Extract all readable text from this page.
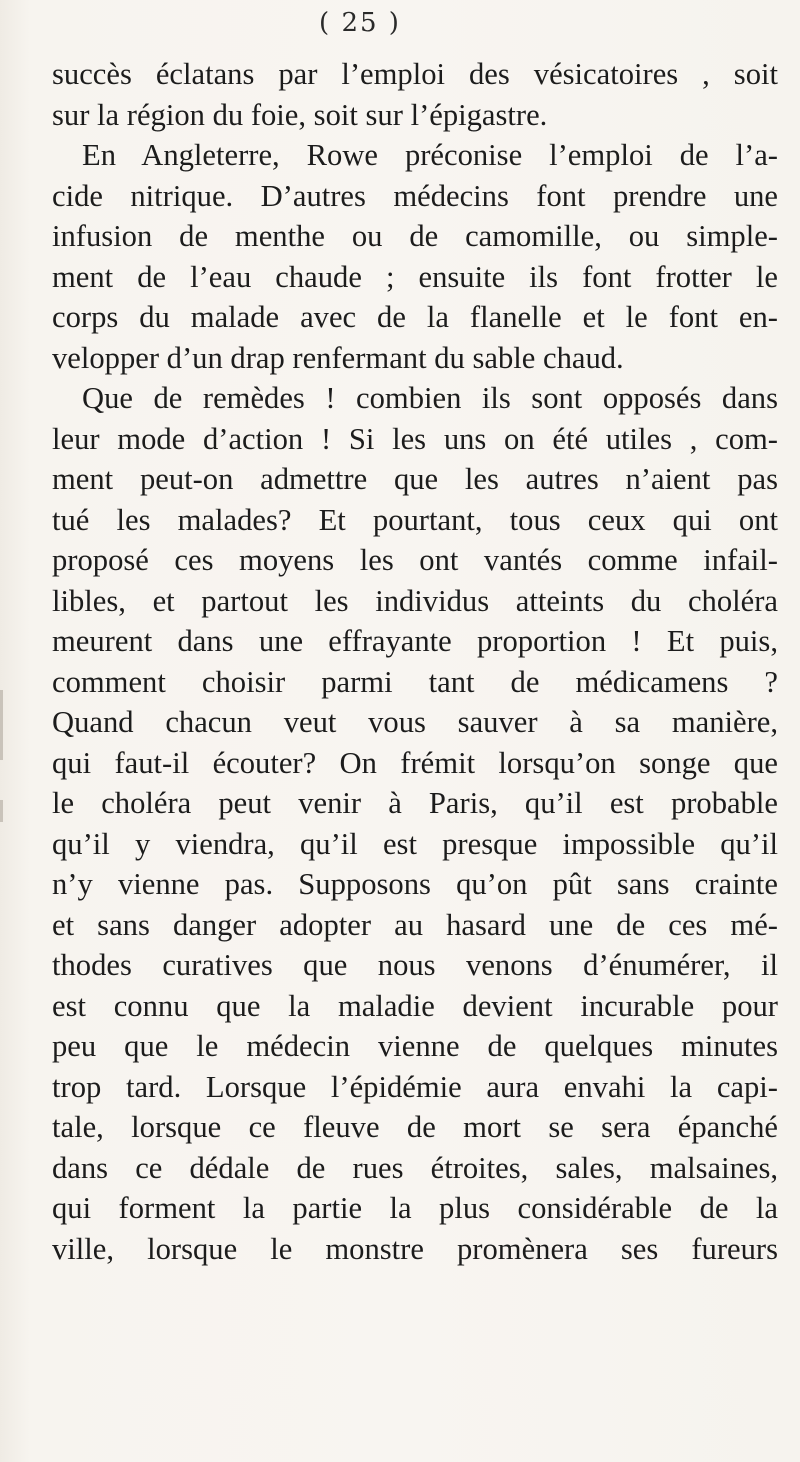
( 25 )
succès éclatans par l’emploi des vésicatoires , soit
sur la région du foie, soit sur l’épigastre.
En Angleterre, Rowe préconise l’emploi de l’a-
cide nitrique. D’autres médecins font prendre une
infusion de menthe ou de camomille, ou simple-
ment de l’eau chaude ; ensuite ils font frotter le
corps du malade avec de la flanelle et le font en-
velopper d’un drap renfermant du sable chaud.
Que de remèdes ! combien ils sont opposés dans
leur mode d’action ! Si les uns on été utiles , com-
ment peut-on admettre que les autres n’aient pas
tué les malades? Et pourtant, tous ceux qui ont
proposé ces moyens les ont vantés comme infail-
libles, et partout les individus atteints du choléra
meurent dans une effrayante proportion ! Et puis,
comment choisir parmi tant de médicamens ?
Quand chacun veut vous sauver à sa manière,
qui faut-il écouter? On frémit lorsqu’on songe que
le choléra peut venir à Paris, qu’il est probable
qu’il y viendra, qu’il est presque impossible qu’il
n’y vienne pas. Supposons qu’on pût sans crainte
et sans danger adopter au hasard une de ces mé-
thodes curatives que nous venons d’énumérer, il
est connu que la maladie devient incurable pour
peu que le médecin vienne de quelques minutes
trop tard. Lorsque l’épidémie aura envahi la capi-
tale, lorsque ce fleuve de mort se sera épanché
dans ce dédale de rues étroites, sales, malsaines,
qui forment la partie la plus considérable de la
ville, lorsque le monstre promènera ses fureurs
